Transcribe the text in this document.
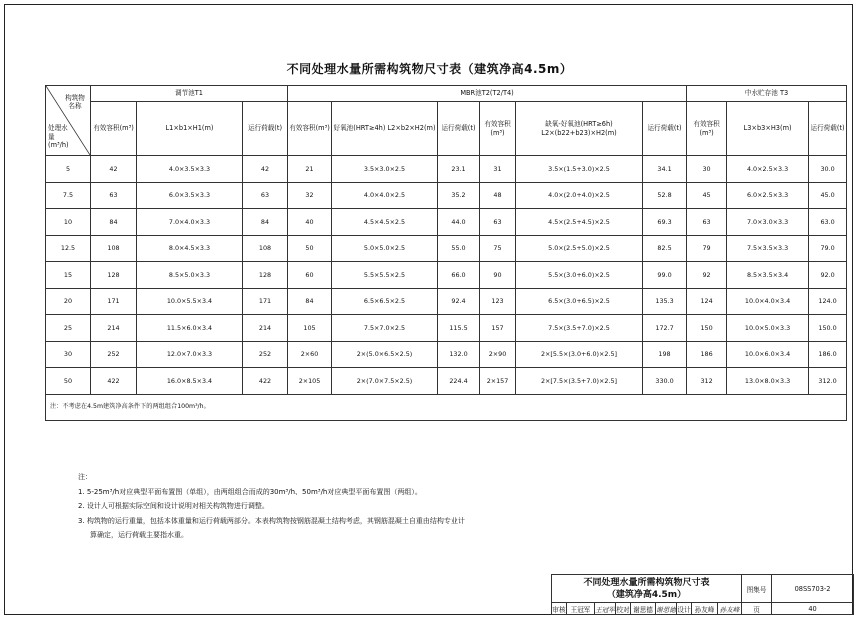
不同处理水量所需构筑物尺寸表（建筑净高4.5m）
构筑物名称
处理水量(m³/h)	调节池T1			MBR池T2(T2/T4)						中水贮存池 T3		
	有效容积(m³)	L1×b1×H1(m)	运行荷载(t)	有效容积(m³)	好氧池(HRT≥4h) L2×b2×H2(m)	运行荷载(t)	有效容积(m³)	缺氧-好氧池(HRT≥6h) L2×(b22+b23)×H2(m)	运行荷载(t)	有效容积(m³)	L3×b3×H3(m)	运行荷载(t)
5	42	4.0×3.5×3.3	42	21	3.5×3.0×2.5	23.1	31	3.5×(1.5+3.0)×2.5	34.1	30	4.0×2.5×3.3	30.0
7.5	63	6.0×3.5×3.3	63	32	4.0×4.0×2.5	35.2	48	4.0×(2.0+4.0)×2.5	52.8	45	6.0×2.5×3.3	45.0
10	84	7.0×4.0×3.3	84	40	4.5×4.5×2.5	44.0	63	4.5×(2.5+4.5)×2.5	69.3	63	7.0×3.0×3.3	63.0
12.5	108	8.0×4.5×3.3	108	50	5.0×5.0×2.5	55.0	75	5.0×(2.5+5.0)×2.5	82.5	79	7.5×3.5×3.3	79.0
15	128	8.5×5.0×3.3	128	60	5.5×5.5×2.5	66.0	90	5.5×(3.0+6.0)×2.5	99.0	92	8.5×3.5×3.4	92.0
20	171	10.0×5.5×3.4	171	84	6.5×6.5×2.5	92.4	123	6.5×(3.0+6.5)×2.5	135.3	124	10.0×4.0×3.4	124.0
25	214	11.5×6.0×3.4	214	105	7.5×7.0×2.5	115.5	157	7.5×(3.5+7.0)×2.5	172.7	150	10.0×5.0×3.3	150.0
30	252	12.0×7.0×3.3	252	2×60	2×(5.0×6.5×2.5)	132.0	2×90	2×[5.5×(3.0+6.0)×2.5]	198	186	10.0×6.0×3.4	186.0
50	422	16.0×8.5×3.4	422	2×105	2×(7.0×7.5×2.5)	224.4	2×157	2×[7.5×(3.5+7.0)×2.5]	330.0	312	13.0×8.0×3.3	312.0
注：不考虑在4.5m建筑净高条件下的两组组合100m³/h。												
注：
1. 5-25m³/h对应典型平面布置图（单组），由两组组合而成的30m³/h、50m³/h对应典型平面布置图（两组）。
2. 设计人可根据实际空间和设计说明对相关构筑物进行调整。
3. 构筑物的运行重量，包括本体重量和运行荷载两部分。本表构筑物按钢筋混凝土结构考虑，其钢筋混凝土自重由结构专业计
算确定，运行荷载主要指水重。
不同处理水量所需构筑物尺寸表
（建筑净高4.5m）									图集号	08SS703-2
审核	王冠军	王冠军	校对	谢思德	谢思德	设计	孙友峰	孙友峰	页	40
